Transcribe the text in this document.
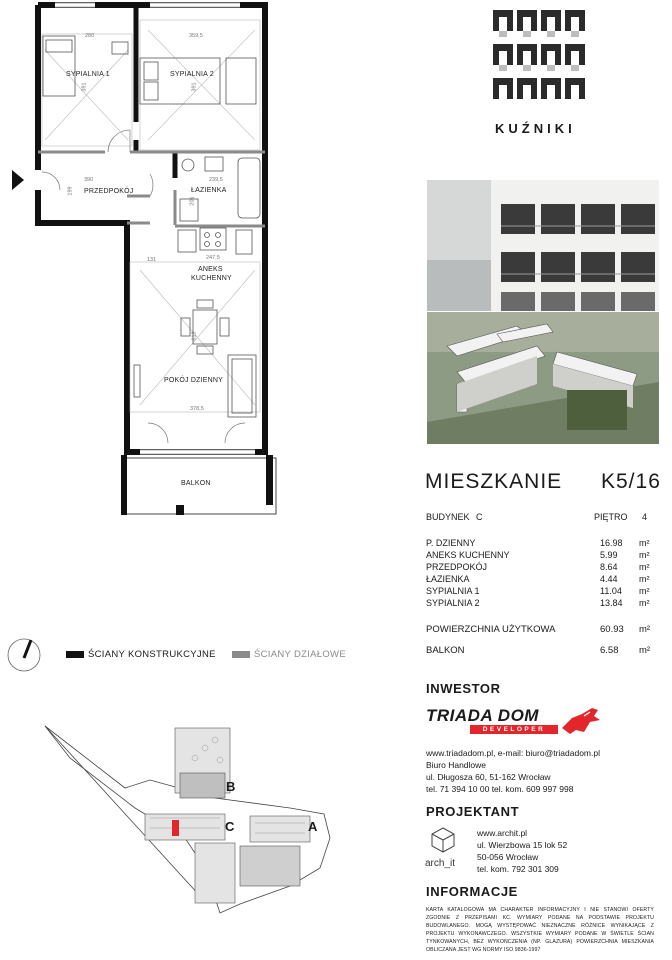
SYPIALNIA 1	SYPIALNIA 2
PRZEDPOKÓJ	ŁAZIENKA
ANEKS
KUCHENNY
POKÓJ DZIENNY
BALKON
280	359,5
391	391
390
199
239,5
201
131	247,5
619
378,5
KUŹNIKI
MIESZKANIE K5/16
BUDYNEK C	PIĘTRO 4
P. DZIENNY	16.98 m²
ANEKS KUCHENNY	5.99 m²
PRZEDPOKÓJ	8.64 m²
ŁAZIENKA	4.44 m²
SYPIALNIA 1	11.04 m²
SYPIALNIA 2	13.84 m²
POWIERZCHNIA UŻYTKOWA	60.93 m²
BALKON	6.58 m²
ŚCIANY KONSTRUKCYJNE	ŚCIANY DZIAŁOWE
B
C	A
INWESTOR
TRIADA DOM
DEVELOPER
www.triadadom.pl, e-mail: biuro@triadadom.pl
Biuro Handlowe
ul. Długosza 60, 51-162 Wrocław
tel. 71 394 10 00 tel. kom. 609 997 998
PROJEKTANT
arch_it
www.archit.pl
ul. Wierzbowa 15 lok 52
50-056 Wrocław
tel. kom. 792 301 309
INFORMACJE
KARTA KATALOGOWA MA CHARAKTER INFORMACYJNY I NIE STANOWI OFERTY ZGODNIE Z PRZEPISAMI KC. WYMIARY PODANE NA PODSTAWIE PROJEKTU BUDOWLANEGO. MOGĄ WYSTĘPOWAĆ NIEZNACZNE RÓŻNICE WYNIKAJĄCE Z PROJEKTU WYKONAWCZEGO. WSZYSTKIE WYMIARY PODANE W ŚWIETLE ŚCIAN TYNKOWANYCH, BEZ WYKOŃCZENIA (NP. GLAZURA) POWIERZCHNIA MIESZKANIA OBLICZANA JEST WG NORMY ISO 9836-1997
